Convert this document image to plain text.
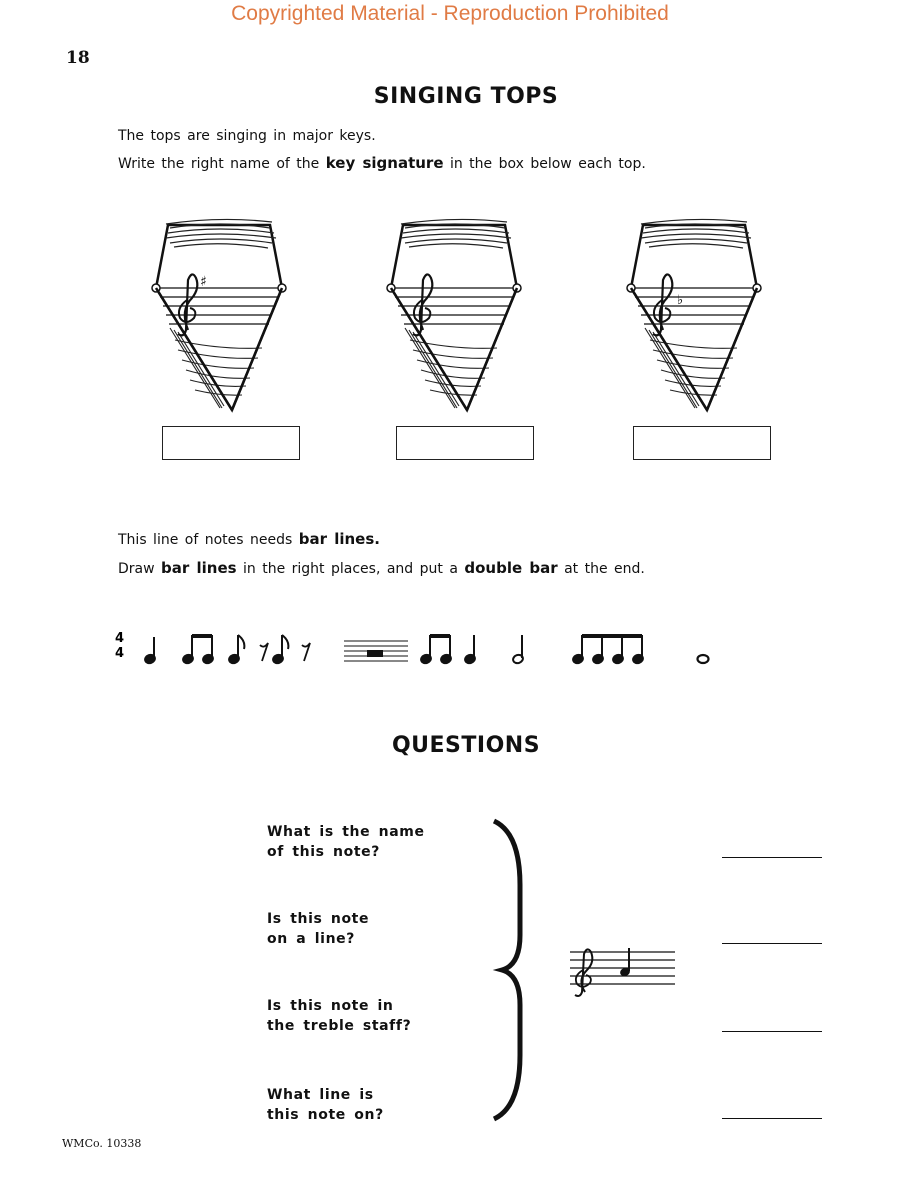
Copyrighted Material - Reproduction Prohibited
18
SINGING TOPS
The tops are singing in major keys.
Write the right name of the key signature in the box below each top.
♯
♭
This line of notes needs bar lines.
Draw bar lines in the right places, and put a double bar at the end.
4
4
QUESTIONS
What is the name
of this note?
Is this note
on a line?
Is this note in
the treble staff?
What line is
this note on?
WMCo. 10338
